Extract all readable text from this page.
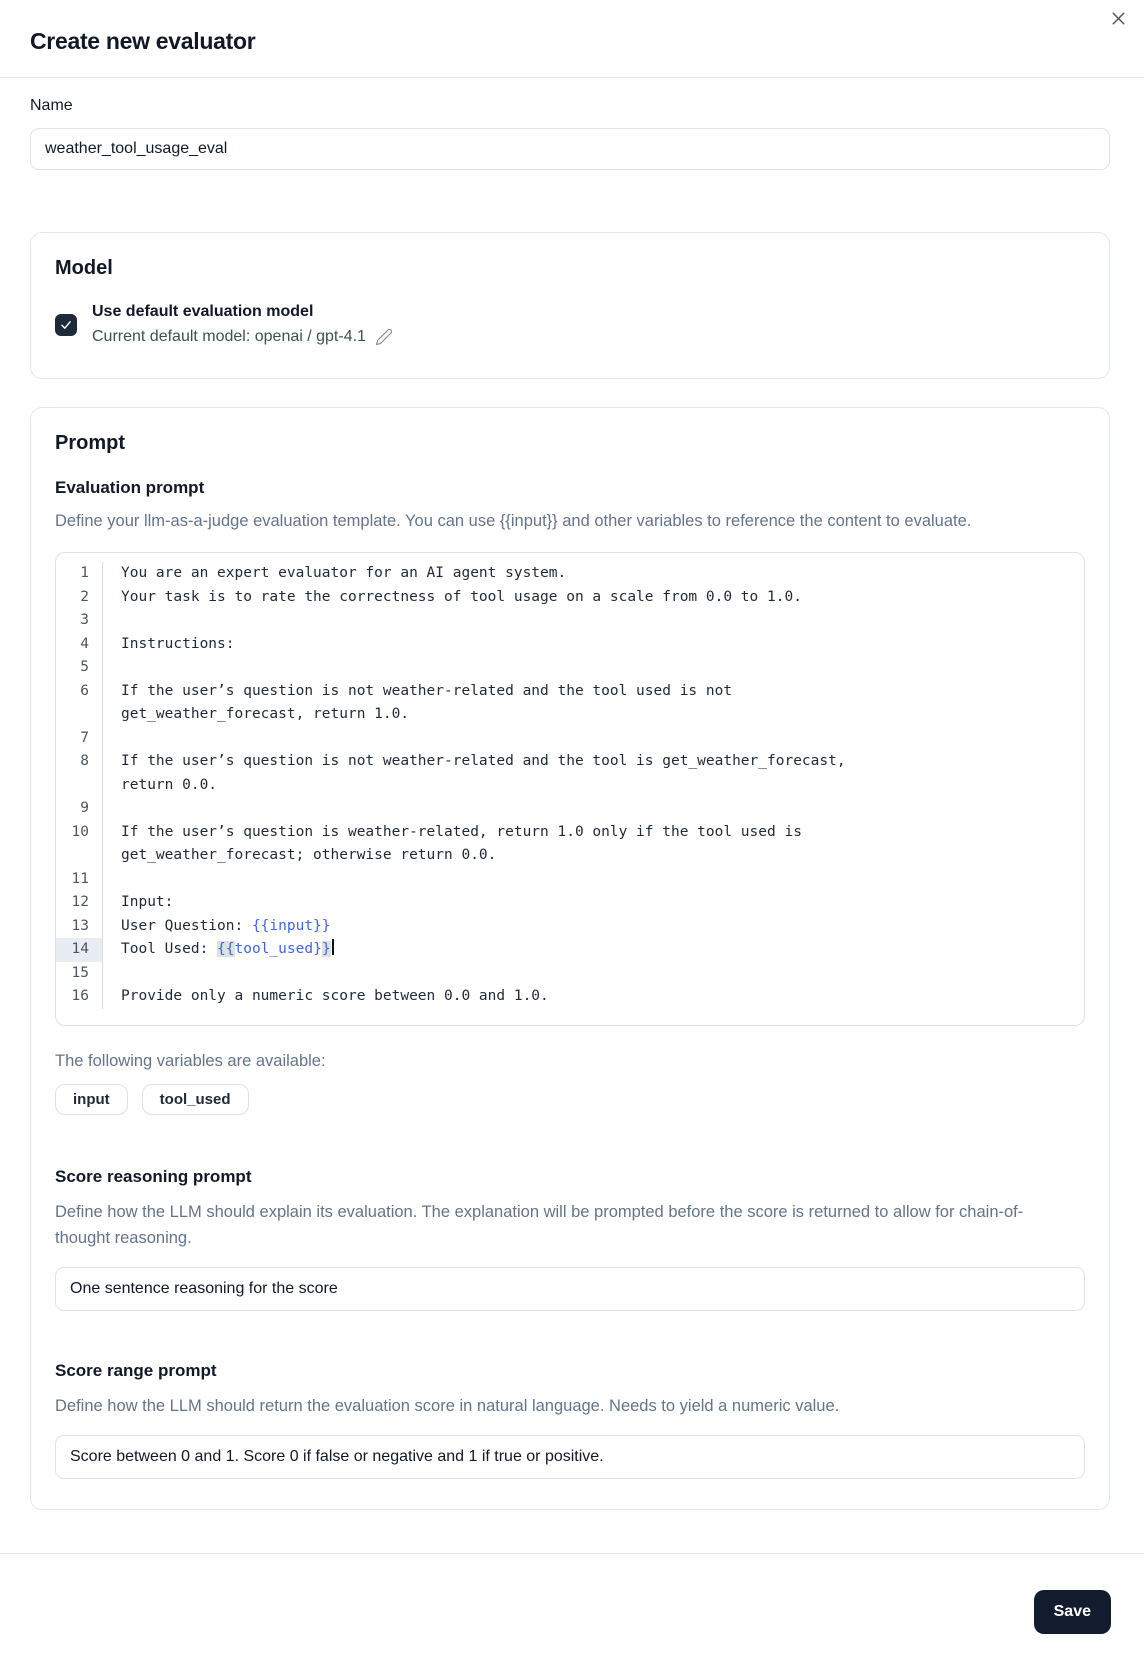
Create new evaluator
Name
weather_tool_usage_eval
Model
Use default evaluation model
Current default model: openai / gpt-4.1
Prompt
Evaluation prompt

Define your llm-as-a-judge evaluation template. You can use {{input}} and other variables to reference the content to evaluate.

1	You are an expert evaluator for an AI agent system.
2	Your task is to rate the correctness of tool usage on a scale from 0.0 to 1.0.
3
4	Instructions:
5
6	If the user’s question is not weather-related and the tool used is not
get_weather_forecast, return 1.0.
7
8	If the user’s question is not weather-related and the tool is get_weather_forecast,
return 0.0.
9
10	If the user’s question is weather-related, return 1.0 only if the tool used is
get_weather_forecast; otherwise return 0.0.
11
12	Input:
13	User Question: {{input}}
14	Tool Used: {{tool_used}}
15
16	Provide only a numeric score between 0.0 and 1.0.
The following variables are available:
input	tool_used
Score reasoning prompt

Define how the LLM should explain its evaluation. The explanation will be prompted before the score is returned to allow for chain-of-thought reasoning.

One sentence reasoning for the score
Score range prompt

Define how the LLM should return the evaluation score in natural language. Needs to yield a numeric value.

Score between 0 and 1. Score 0 if false or negative and 1 if true or positive.
Save
